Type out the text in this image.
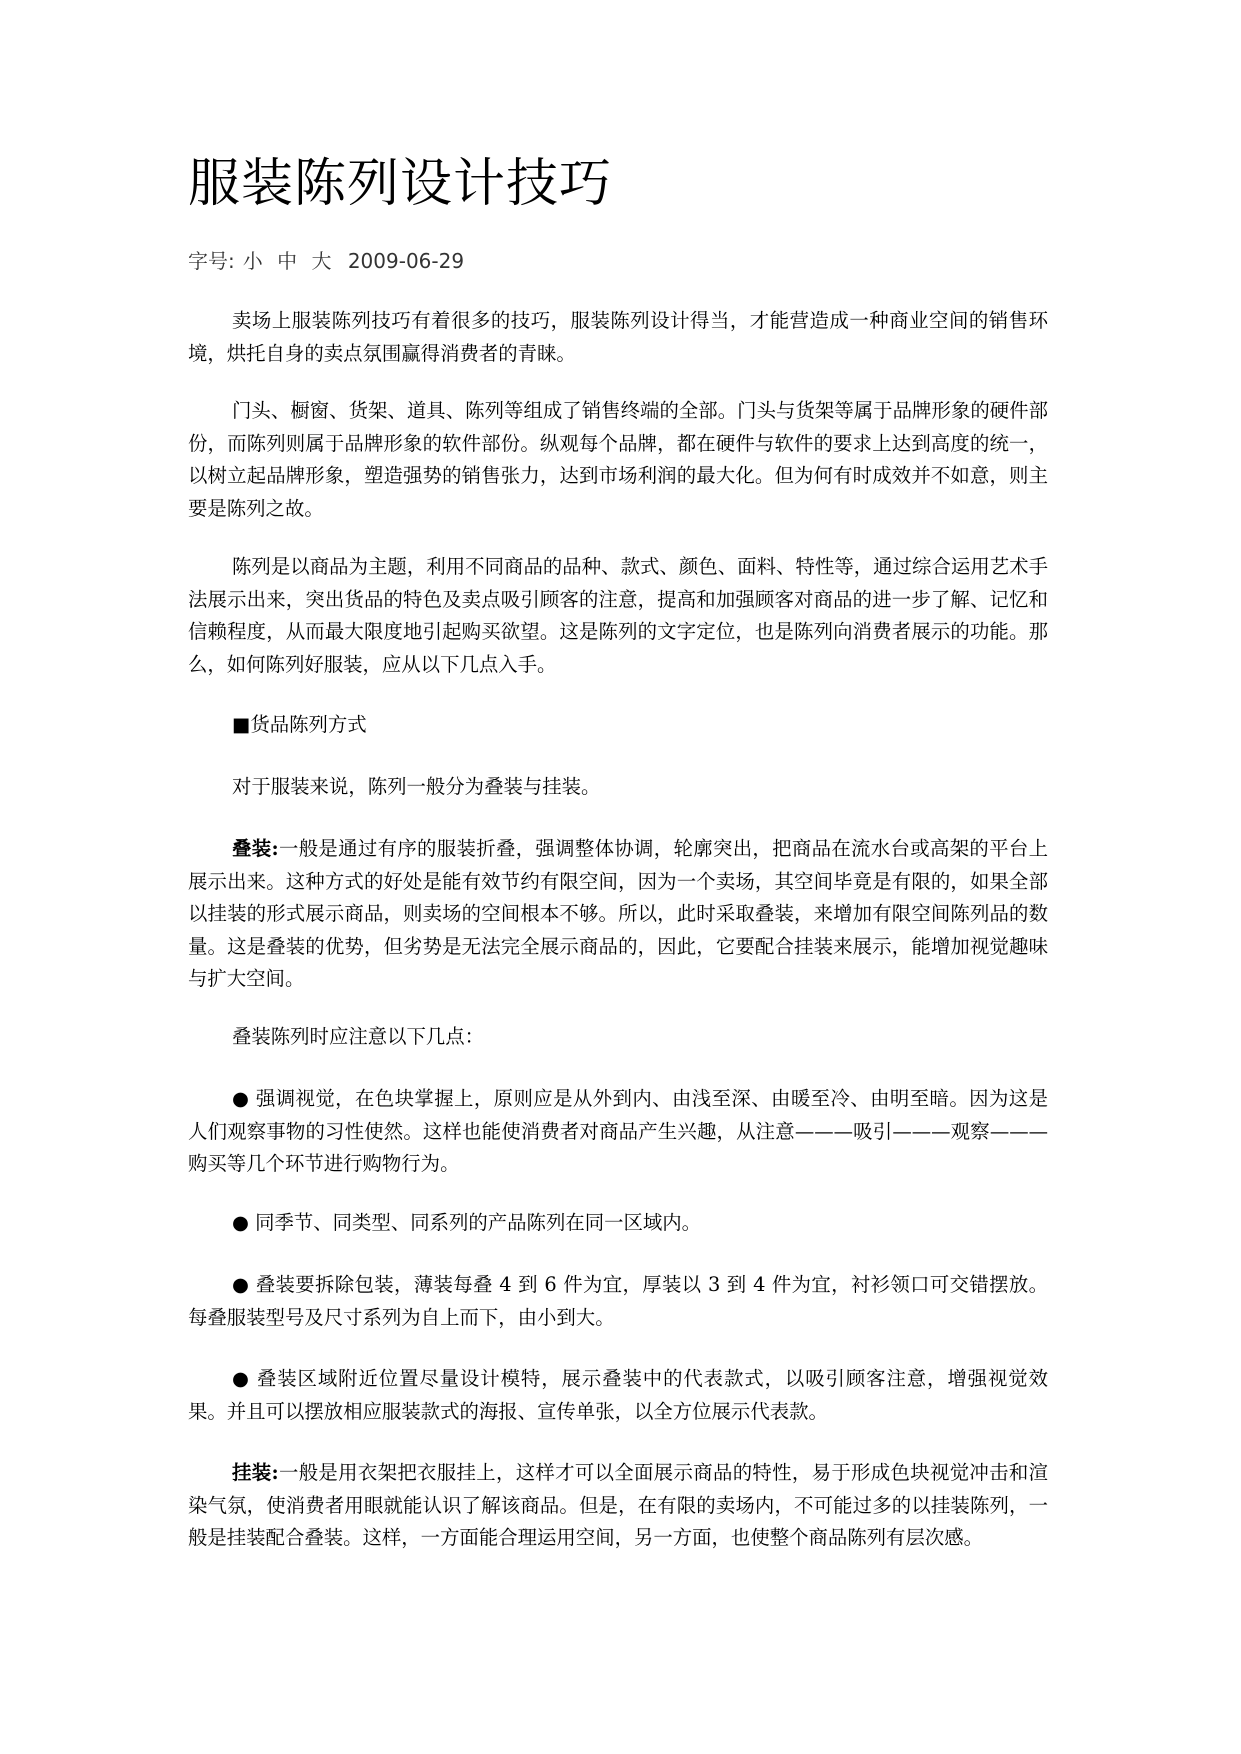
服装陈列设计技巧
字号: 小 中 大 2009-06-29

卖场上服装陈列技巧有着很多的技巧，服装陈列设计得当，才能营造成一种商业空间的销售环境，烘托自身的卖点氛围赢得消费者的青睐。

门头、橱窗、货架、道具、陈列等组成了销售终端的全部。门头与货架等属于品牌形象的硬件部份，而陈列则属于品牌形象的软件部份。纵观每个品牌，都在硬件与软件的要求上达到高度的统一，以树立起品牌形象，塑造强势的销售张力，达到市场利润的最大化。但为何有时成效并不如意，则主要是陈列之故。

陈列是以商品为主题，利用不同商品的品种、款式、颜色、面料、特性等，通过综合运用艺术手法展示出来，突出货品的特色及卖点吸引顾客的注意，提高和加强顾客对商品的进一步了解、记忆和信赖程度，从而最大限度地引起购买欲望。这是陈列的文字定位，也是陈列向消费者展示的功能。那么，如何陈列好服装，应从以下几点入手。

■货品陈列方式

对于服装来说，陈列一般分为叠装与挂装。

叠装:一般是通过有序的服装折叠，强调整体协调，轮廓突出，把商品在流水台或高架的平台上展示出来。这种方式的好处是能有效节约有限空间，因为一个卖场，其空间毕竟是有限的，如果全部以挂装的形式展示商品，则卖场的空间根本不够。所以，此时采取叠装，来增加有限空间陈列品的数量。这是叠装的优势，但劣势是无法完全展示商品的，因此，它要配合挂装来展示，能增加视觉趣味与扩大空间。

叠装陈列时应注意以下几点：

● 强调视觉，在色块掌握上，原则应是从外到内、由浅至深、由暖至冷、由明至暗。因为这是人们观察事物的习性使然。这样也能使消费者对商品产生兴趣，从注意———吸引———观察———购买等几个环节进行购物行为。

● 同季节、同类型、同系列的产品陈列在同一区域内。

● 叠装要拆除包装，薄装每叠 4 到 6 件为宜，厚装以 3 到 4 件为宜，衬衫领口可交错摆放。每叠服装型号及尺寸系列为自上而下，由小到大。

● 叠装区域附近位置尽量设计模特，展示叠装中的代表款式，以吸引顾客注意，增强视觉效果。并且可以摆放相应服装款式的海报、宣传单张，以全方位展示代表款。

挂装:一般是用衣架把衣服挂上，这样才可以全面展示商品的特性，易于形成色块视觉冲击和渲染气氛，使消费者用眼就能认识了解该商品。但是，在有限的卖场内，不可能过多的以挂装陈列，一般是挂装配合叠装。这样，一方面能合理运用空间，另一方面，也使整个商品陈列有层次感。
